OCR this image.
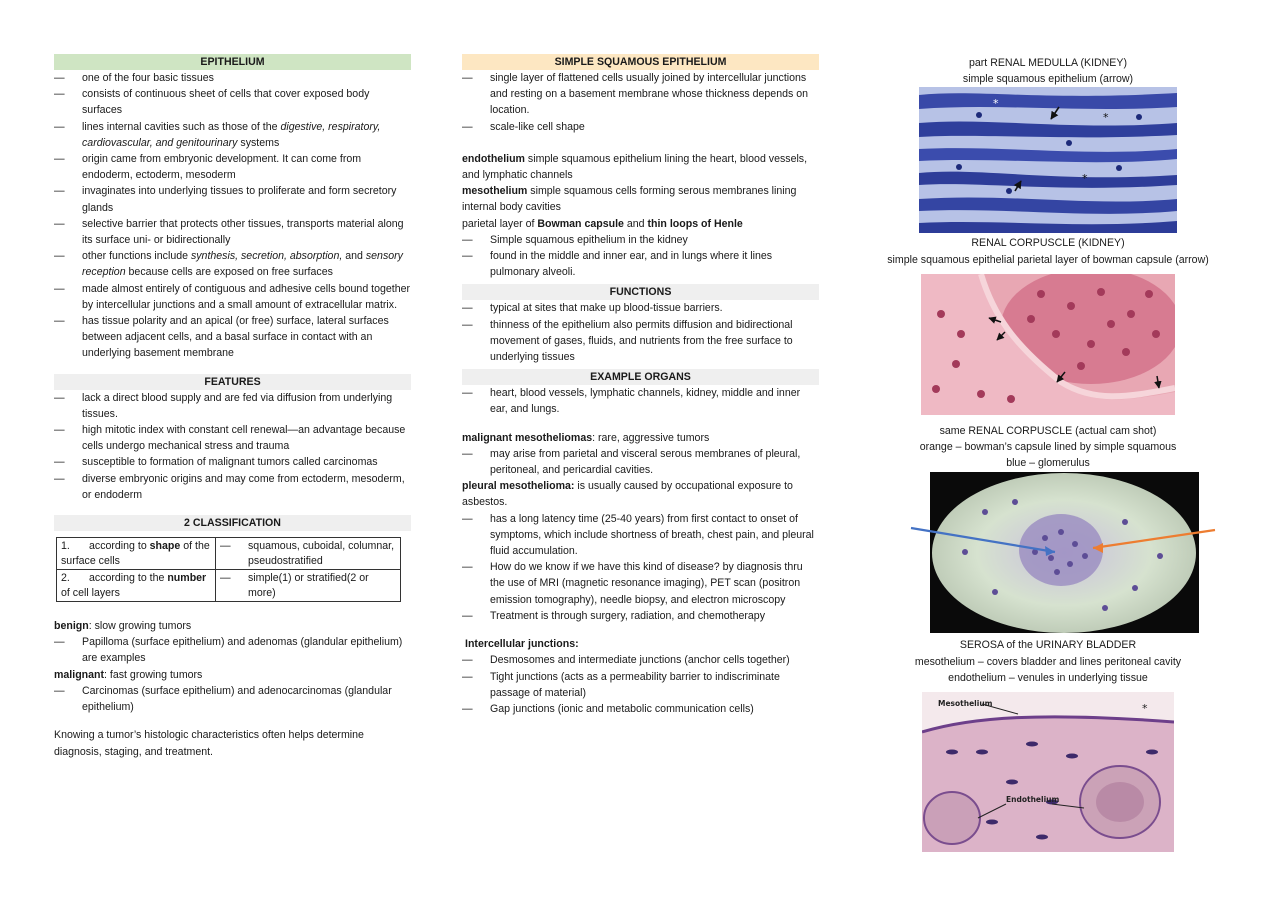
EPITHELIUM
— one of the four basic tissues
— consists of continuous sheet of cells that cover exposed body surfaces
— lines internal cavities such as those of the digestive, respiratory, cardiovascular, and genitourinary systems
— origin came from embryonic development. It can come from endoderm, ectoderm, mesoderm
— invaginates into underlying tissues to proliferate and form secretory glands
— selective barrier that protects other tissues, transports material along its surface uni- or bidirectionally
— other functions include synthesis, secretion, absorption, and sensory reception because cells are exposed on free surfaces
— made almost entirely of contiguous and adhesive cells bound together by intercellular junctions and a small amount of extracellular matrix.
— has tissue polarity and an apical (or free) surface, lateral surfaces between adjacent cells, and a basal surface in contact with an underlying basement membrane
FEATURES
— lack a direct blood supply and are fed via diffusion from underlying tissues.
— high mitotic index with constant cell renewal—an advantage because cells undergo mechanical stress and trauma
— susceptible to formation of malignant tumors called carcinomas
— diverse embryonic origins and may come from ectoderm, mesoderm, or endoderm
2 CLASSIFICATION
1. according to shape of the surface cells	— squamous, cuboidal, columnar, pseudostratified

2. according to the number of cell layers	— simple(1) or stratified(2 or more)

benign: slow growing tumors

— Papilloma (surface epithelium) and adenomas (glandular epithelium) are examples

malignant: fast growing tumors

— Carcinomas (surface epithelium) and adenocarcinomas (glandular epithelium)

Knowing a tumor’s histologic characteristics often helps determine diagnosis, staging, and treatment.

SIMPLE SQUAMOUS EPITHELIUM
— single layer of flattened cells usually joined by intercellular junctions and resting on a basement membrane whose thickness depends on location.
— scale-like cell shape

endothelium simple squamous epithelium lining the heart, blood vessels, and lymphatic channels

mesothelium simple squamous cells forming serous membranes lining internal body cavities

parietal layer of Bowman capsule and thin loops of Henle

— Simple squamous epithelium in the kidney
— found in the middle and inner ear, and in lungs where it lines pulmonary alveoli.
FUNCTIONS
— typical at sites that make up blood-tissue barriers.
— thinness of the epithelium also permits diffusion and bidirectional movement of gases, fluids, and nutrients from the free surface to underlying tissues
EXAMPLE ORGANS
— heart, blood vessels, lymphatic channels, kidney, middle and inner ear, and lungs.

malignant mesotheliomas: rare, aggressive tumors

— may arise from parietal and visceral serous membranes of pleural, peritoneal, and pericardial cavities.

pleural mesothelioma: is usually caused by occupational exposure to asbestos.

— has a long latency time (25-40 years) from first contact to onset of symptoms, which include shortness of breath, chest pain, and pleural fluid accumulation.
— How do we know if we have this kind of disease? by diagnosis thru the use of MRI (magnetic resonance imaging), PET scan (positron emission tomography), needle biopsy, and electron microscopy
— Treatment is through surgery, radiation, and chemotherapy

Intercellular junctions:

— Desmosomes and intermediate junctions (anchor cells together)
— Tight junctions (acts as a permeability barrier to indiscriminate passage of material)
— Gap junctions (ionic and metabolic communication cells)
part RENAL MEDULLA (KIDNEY)
simple squamous epithelium (arrow)
*
*
*
RENAL CORPUSCLE (KIDNEY)
simple squamous epithelial parietal layer of bowman capsule (arrow)
same RENAL CORPUSCLE (actual cam shot)
orange – bowman’s capsule lined by simple squamous
blue – glomerulus
SEROSA of the URINARY BLADDER
mesothelium – covers bladder and lines peritoneal cavity
endothelium – venules in underlying tissue
Mesothelium
Endothelium
*
